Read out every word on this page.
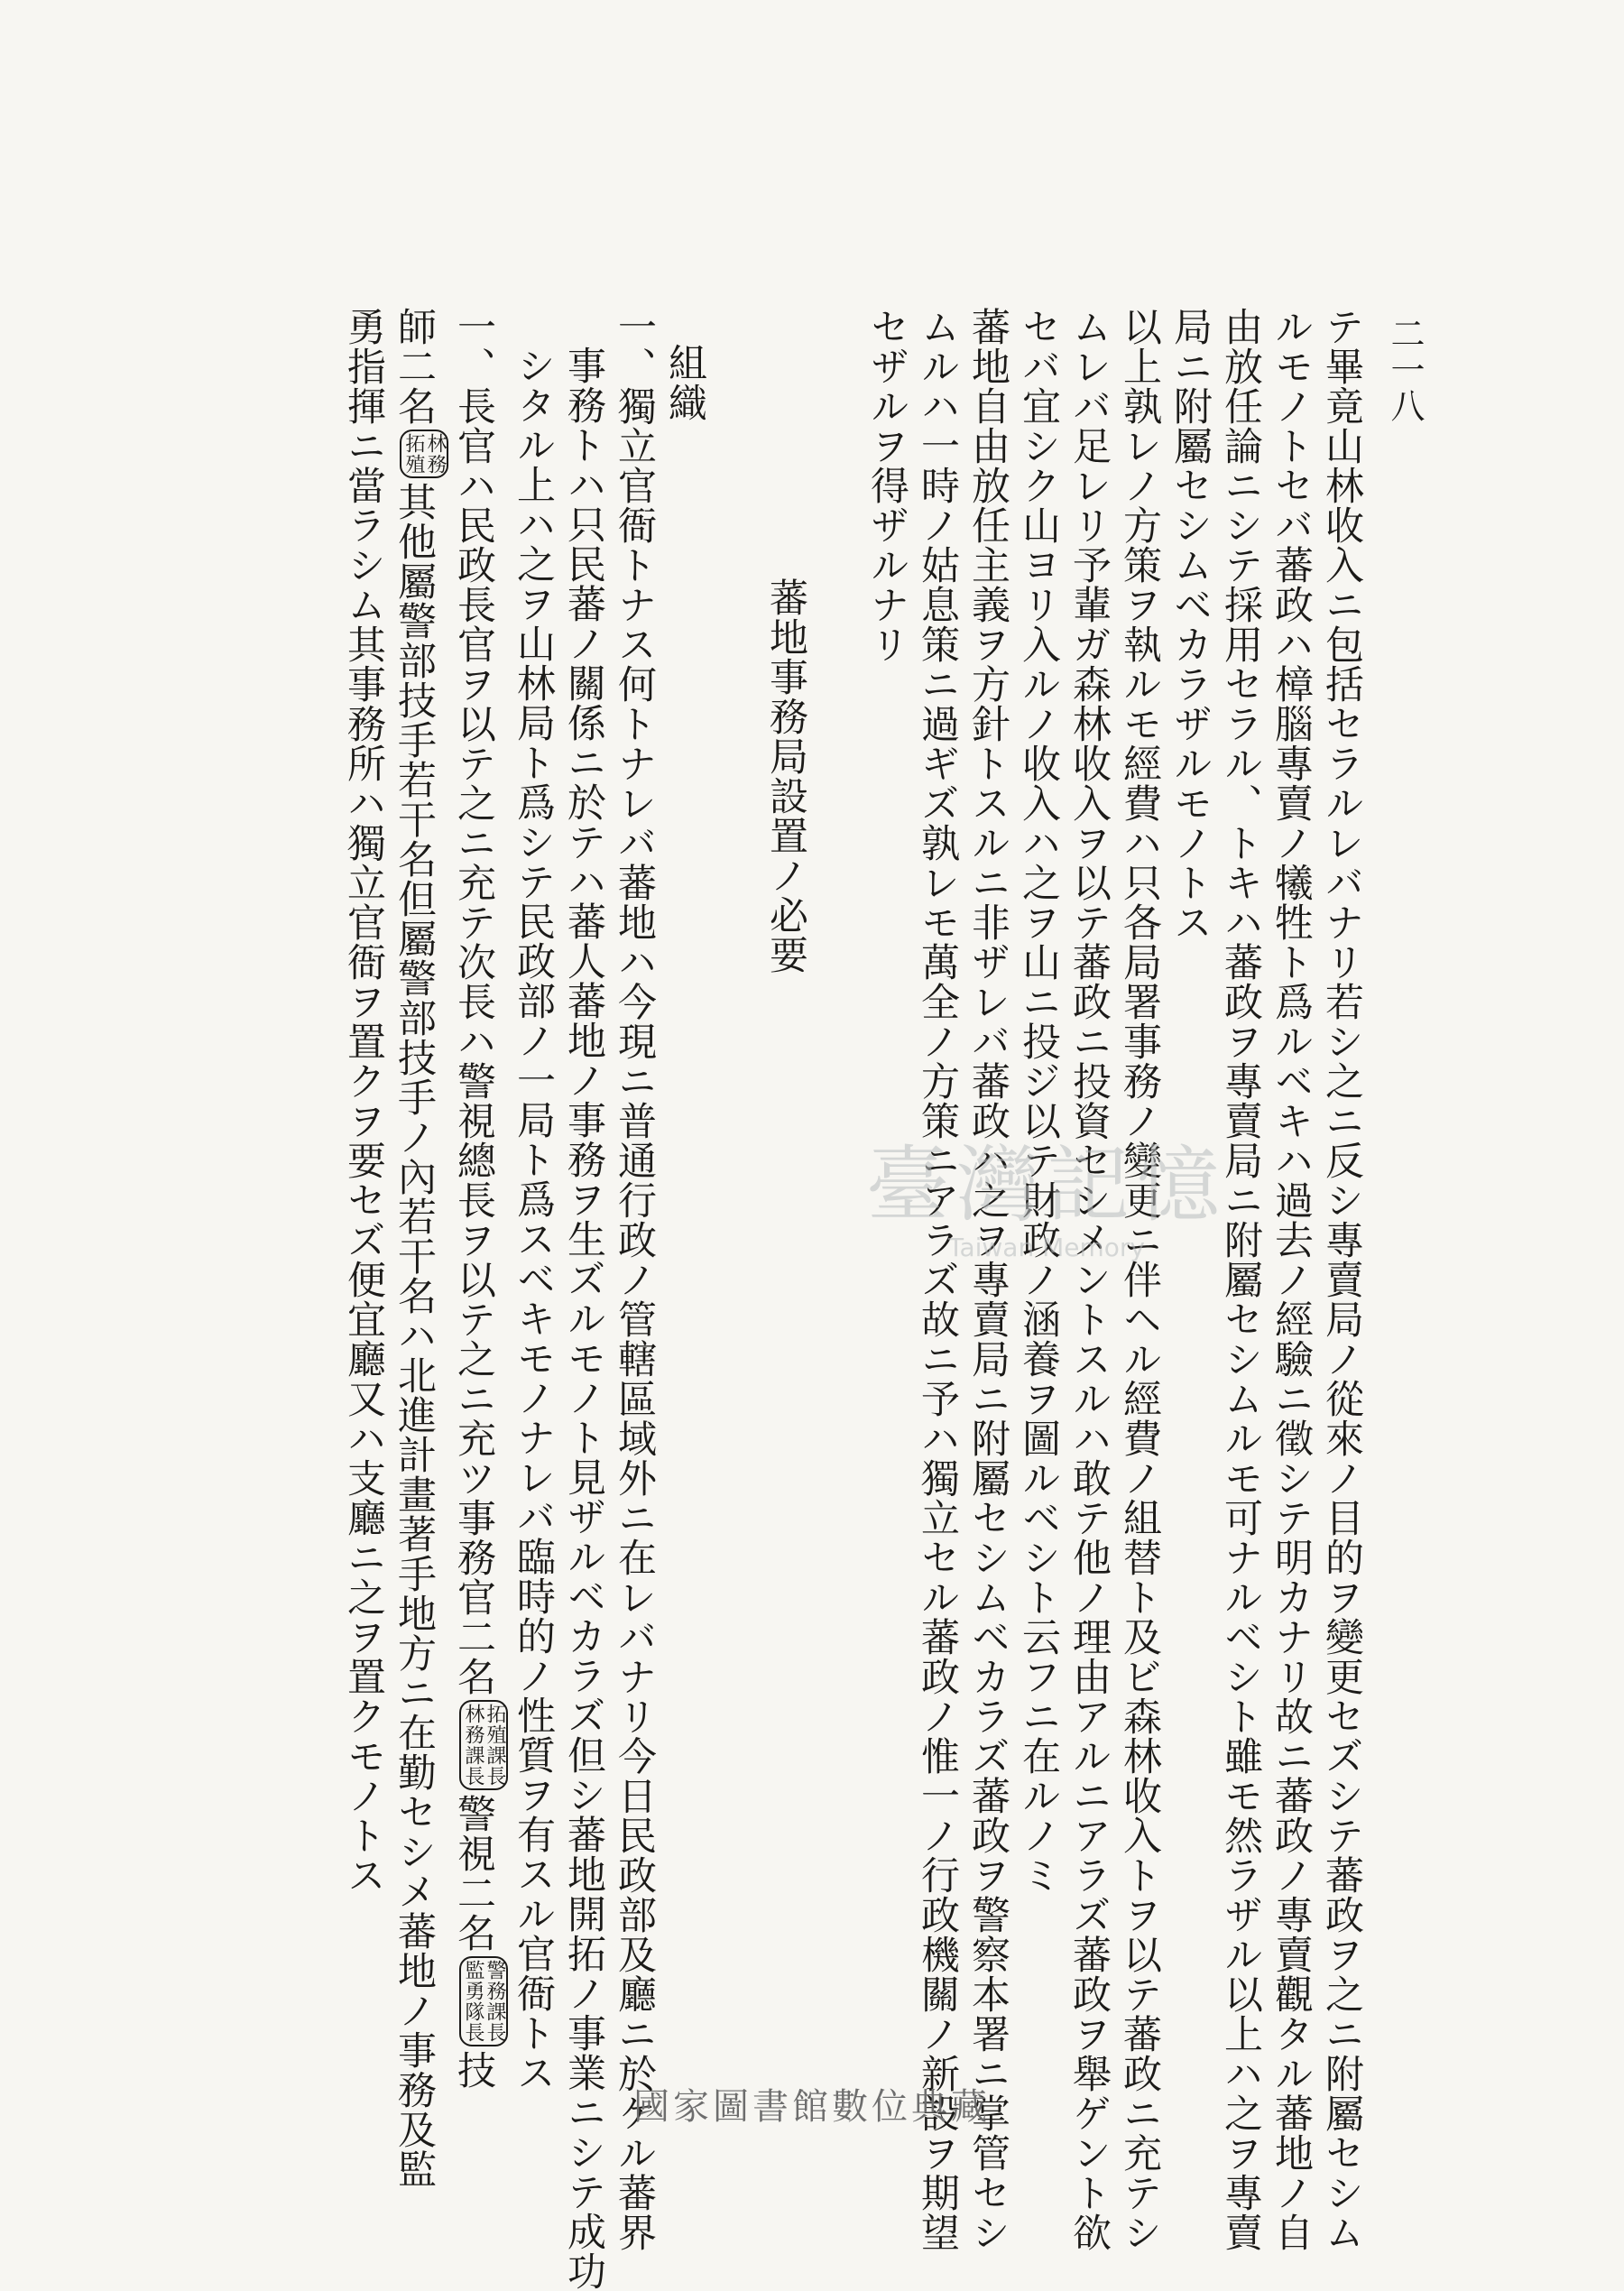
二一八
テ畢竟山林收入ニ包括セラルレバナリ若シ之ニ反シ專賣局ノ從來ノ目的ヲ變更セズシテ蕃政ヲ之ニ附屬セシム
ルモノトセバ蕃政ハ樟腦專賣ノ犧牲ト爲ルベキハ過去ノ經驗ニ徵シテ明カナリ故ニ蕃政ノ專賣觀タル蕃地ノ自
由放任論ニシテ採用セラル、トキハ蕃政ヲ專賣局ニ附屬セシムルモ可ナルベシト雖モ然ラザル以上ハ之ヲ專賣
局ニ附屬セシムベカラザルモノトス
以上孰レノ方策ヲ執ルモ經費ハ只各局署事務ノ變更ニ伴ヘル經費ノ組替ト及ビ森林收入トヲ以テ蕃政ニ充テシ
ムレバ足レリ予輩ガ森林收入ヲ以テ蕃政ニ投資セシメントスルハ敢テ他ノ理由アルニアラズ蕃政ヲ舉ゲント欲
セバ宜シク山ヨリ入ルノ收入ハ之ヲ山ニ投ジ以テ財政ノ涵養ヲ圖ルベシト云フニ在ルノミ
蕃地自由放任主義ヲ方針トスルニ非ザレバ蕃政ハ之ヲ專賣局ニ附屬セシムベカラズ蕃政ヲ警察本署ニ掌管セシ
ムルハ一時ノ姑息策ニ過ギズ孰レモ萬全ノ方策ニアラズ故ニ予ハ獨立セル蕃政ノ惟一ノ行政機關ノ新設ヲ期望
セザルヲ得ザルナリ
蕃地事務局設置ノ必要
組織
一、獨立官衙トナス何トナレバ蕃地ハ今現ニ普通行政ノ管轄區域外ニ在レバナリ今日民政部及廳ニ於ケル蕃界
事務トハ只民蕃ノ關係ニ於テハ蕃人蕃地ノ事務ヲ生ズルモノト見ザルベカラズ但シ蕃地開拓ノ事業ニシテ成功
シタル上ハ之ヲ山林局ト爲シテ民政部ノ一局ト爲スベキモノナレバ臨時的ノ性質ヲ有スル官衙トス
一、長官ハ民政長官ヲ以テ之ニ充テ次長ハ警視總長ヲ以テ之ニ充ツ事務官二名
拓殖課長
林務課長
警視二名
警務課長
監勇隊長
技
師二名
林務
拓殖
其他屬警部技手若干名但屬警部技手ノ內若干名ハ北進計畫著手地方ニ在勤セシメ蕃地ノ事務及監
勇指揮ニ當ラシム其事務所ハ獨立官衙ヲ置クヲ要セズ便宜廳又ハ支廳ニ之ヲ置クモノトス	臺灣記憶
Taiwan Memory
國家圖書館數位典藏
